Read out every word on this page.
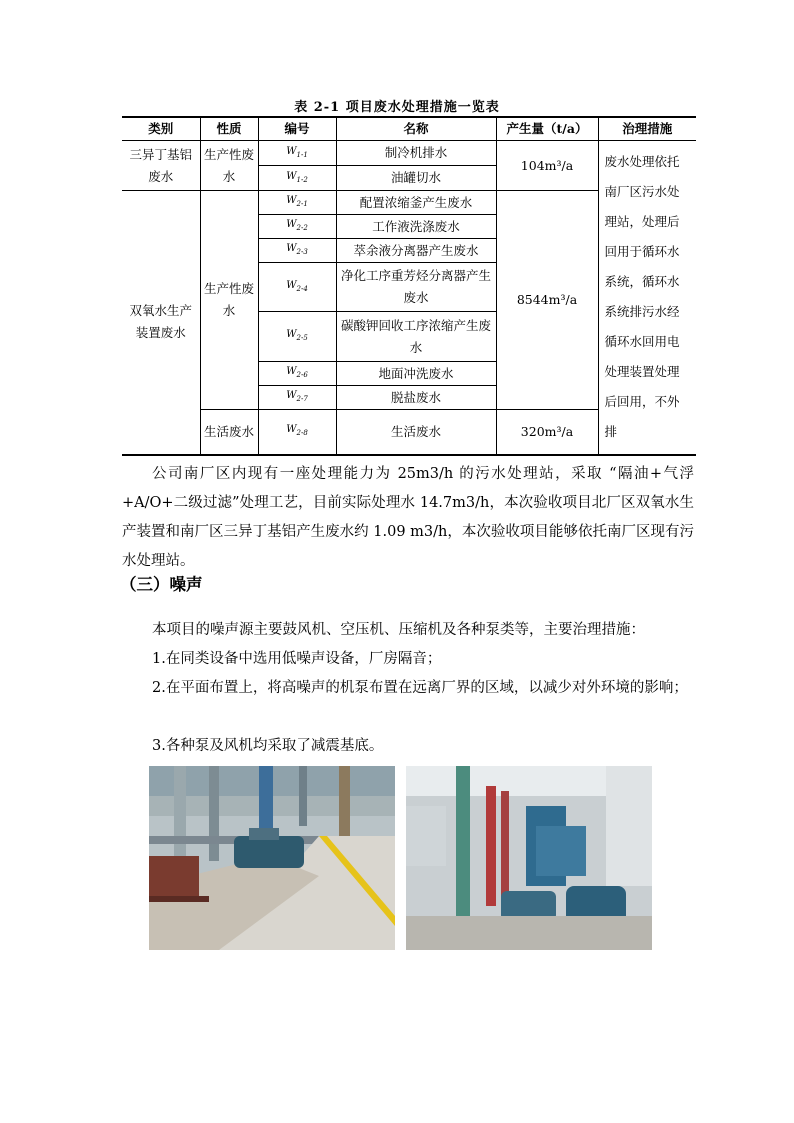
表 2-1 项目废水处理措施一览表
类别	性质	编号	名称	产生量（t/a）	治理措施
三异丁基铝废水	生产性废水	$W_{1-1}$	制冷机排水	104m³/a	废水处理依托南厂区污水处理站，处理后回用于循环水系统，循环水系统排污水经循环水回用电处理装置处理后回用，不外排
		$W_{1-2}$	油罐切水		
双氧水生产装置废水	生产性废水	$W_{2-1}$	配置浓缩釜产生废水	8544m³/a	
		$W_{2-2}$	工作液洗涤废水		
		$W_{2-3}$	萃余液分离器产生废水		
		$W_{2-4}$	净化工序重芳烃分离器产生废水		
		$W_{2-5}$	碳酸钾回收工序浓缩产生废水		
		$W_{2-6}$	地面冲洗废水		
		$W_{2-7}$	脱盐废水		
	生活废水	$W_{2-8}$	生活废水	320m³/a	
公司南厂区内现有一座处理能力为 25m3/h 的污水处理站，采取 “隔油+气浮+A/O+二级过滤”处理工艺，目前实际处理水 14.7m3/h，本次验收项目北厂区双氧水生产装置和南厂区三异丁基铝产生废水约 1.09 m3/h，本次验收项目能够依托南厂区现有污水处理站。
（三）噪声
本项目的噪声源主要鼓风机、空压机、压缩机及各种泵类等，主要治理措施：
1.在同类设备中选用低噪声设备，厂房隔音；
2.在平面布置上，将高噪声的机泵布置在远离厂界的区域，以减少对外环境的影响；
3.各种泵及风机均采取了减震基底。
